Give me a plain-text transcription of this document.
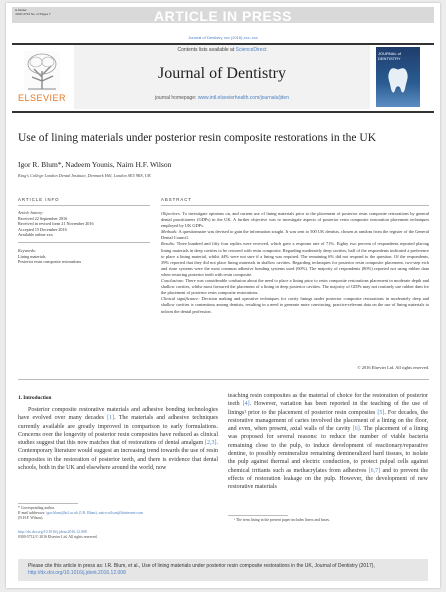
G Model
JJOD 2734 No. of Pages 7	ARTICLE IN PRESS
Journal of Dentistry xxx (2016) xxx–xxx
ELSEVIER
Contents lists available at ScienceDirect
Journal of Dentistry
journal homepage: www.intl.elsevierhealth.com/journals/jden
JOURNAL of DENTISTRY
Use of lining materials under posterior resin composite restorations in the UK
Igor R. Blum*, Nadeem Younis, Nairn H.F. Wilson
King's College London Dental Institute, Denmark Hill, London SE5 9RS, UK
ARTICLE INFO
Article history:
Received 22 September 2016
Received in revised form 21 November 2016
Accepted 15 December 2016
Available online xxx
Keywords:
Lining materials
Posterior resin composite restorations
ABSTRACT
Objectives: To investigate opinions on, and current use of lining materials prior to the placement of posterior resin composite restorations by general dental practitioners (GDPs) in the UK. A further objective was to investigate aspects of posterior resin composite restoration placement techniques employed by UK GDPs.
Methods: A questionnaire was devised to gain the information sought. It was sent to 500 UK dentists, chosen at random from the register of the General Dental Council.
Results: Three hundred and fifty four replies were received, which gave a response rate of 71%. Eighty two percent of respondents reported placing lining materials in deep cavities to be restored with resin composite. Regarding moderately deep cavities, half of the respondents indicated a preference to place a lining material, whilst 44% were not sure if a lining was required. The remaining 6% did not respond to the question. Of the respondents, 39% reported that they did not place lining materials in shallow cavities. Regarding techniques for posterior resin composite placement, two-step etch and rinse systems were the most common adhesive bonding systems used (60%). The majority of respondents (80%) reported not using rubber dam when restoring posterior teeth with resin composite.
Conclusions: There was considerable confusion about the need to place a lining prior to resin composite restorations placement in moderate depth and shallow cavities, whilst most favoured the placement of a lining in deep posterior cavities. The majority of GDPs may not routinely use rubber dam for the placement of posterior resin composite restorations.
Clinical significance: Decision making and operative techniques for cavity linings under posterior composite restorations in moderately deep and shallow cavities is contentious among dentists, resulting in a need to generate more convincing, practice-relevant data on the use of lining materials to inform the dental profession.
© 2016 Elsevier Ltd. All rights reserved.
1. Introduction
Posterior composite restorative materials and adhesive bonding technologies have evolved over many decades [1]. The materials and adhesive techniques currently available are greatly improved in comparison to early formulations. Concerns over the longevity of posterior resin composites have reduced as clinical studies suggest that this now matches that of restorations of dental amalgam [2,3]. Contemporary literature would suggest an increasing trend towards the use of resin composites in the restoration of posterior teeth, and there is evidence that dental schools, both in the UK and elsewhere around the world, now
teaching resin composites as the material of choice for the restoration of posterior teeth [4]. However, variation has been reported in the teaching of the use of linings¹ prior to the placement of posterior resin composites [5]. For decades, the restorative management of caries involved the placement of a lining on the floor, and even, when present, axial walls of the cavity [6]. The placement of a lining was proposed for several reasons: to reduce the number of viable bacteria remaining close to the pulp, to induce development of reactionary/reparative dentine, to possibly remineralize remaining demineralized hard tissues, to isolate the pulp against thermal and electric conduction, to protect pulpal cells against chemical irritants such as methacrylates from adhesives [6,7] and to prevent the effects of restoration leakage on the pulp. However, the development of new restorative materials
* Corresponding author.
E-mail addresses: igor.blum@kcl.ac.uk (I.R. Blum), nairn.wilson@btinternet.com
(N.H.F. Wilson).
http://dx.doi.org/10.1016/j.jdent.2016.12.008
0300-5712/© 2016 Elsevier Ltd. All rights reserved.
¹ The term lining in the present paper includes liners and bases.
Please cite this article in press as: I.R. Blum, et al., Use of lining materials under posterior resin composite restorations in the UK, Journal of Dentistry (2017), http://dx.doi.org/10.1016/j.jdent.2016.12.008
